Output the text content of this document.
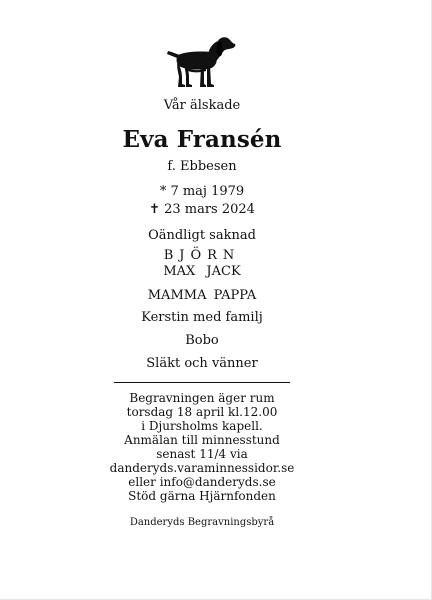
Vår älskade
Eva Fransén
f. Ebbesen
* 7 maj 1979
✝ 23 mars 2024
Oändligt saknad
BJÖRN
MAX JACK
MAMMA PAPPA
Kerstin med familj
Bobo
Släkt och vänner
Begravningen äger rum
torsdag 18 april kl.12.00
i Djursholms kapell.
Anmälan till minnesstund
senast 11/4 via
danderyds.varaminnessidor.se
eller info@danderyds.se
Stöd gärna Hjärnfonden
Danderyds Begravningsbyrå
